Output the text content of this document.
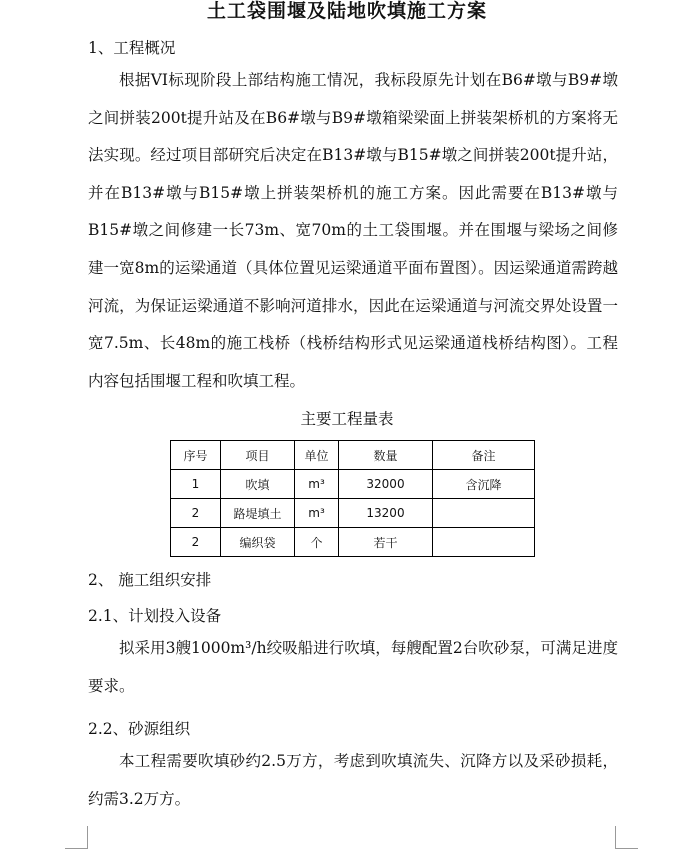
土工袋围堰及陆地吹填施工方案
1、工程概况

根据VI标现阶段上部结构施工情况，我标段原先计划在B6#墩与B9#墩之间拼装200t提升站及在B6#墩与B9#墩箱梁梁面上拼装架桥机的方案将无法实现。经过项目部研究后决定在B13#墩与B15#墩之间拼装200t提升站，并在B13#墩与B15#墩上拼装架桥机的施工方案。因此需要在B13#墩与B15#墩之间修建一长73m、宽70m的土工袋围堰。并在围堰与梁场之间修建一宽8m的运梁通道（具体位置见运梁通道平面布置图）。因运梁通道需跨越河流，为保证运梁通道不影响河道排水，因此在运梁通道与河流交界处设置一宽7.5m、长48m的施工栈桥（栈桥结构形式见运梁通道栈桥结构图）。工程内容包括围堰工程和吹填工程。

主要工程量表
序号	项目	单位	数量	备注
1	吹填	m³	32000	含沉降
2	路堤填土	m³	13200	
2	编织袋	个	若干	
2、 施工组织安排
2.1、计划投入设备

拟采用3艘1000m³/h绞吸船进行吹填，每艘配置2台吹砂泵，可满足进度要求。

2.2、砂源组织

本工程需要吹填砂约2.5万方，考虑到吹填流失、沉降方以及采砂损耗，约需3.2万方。
